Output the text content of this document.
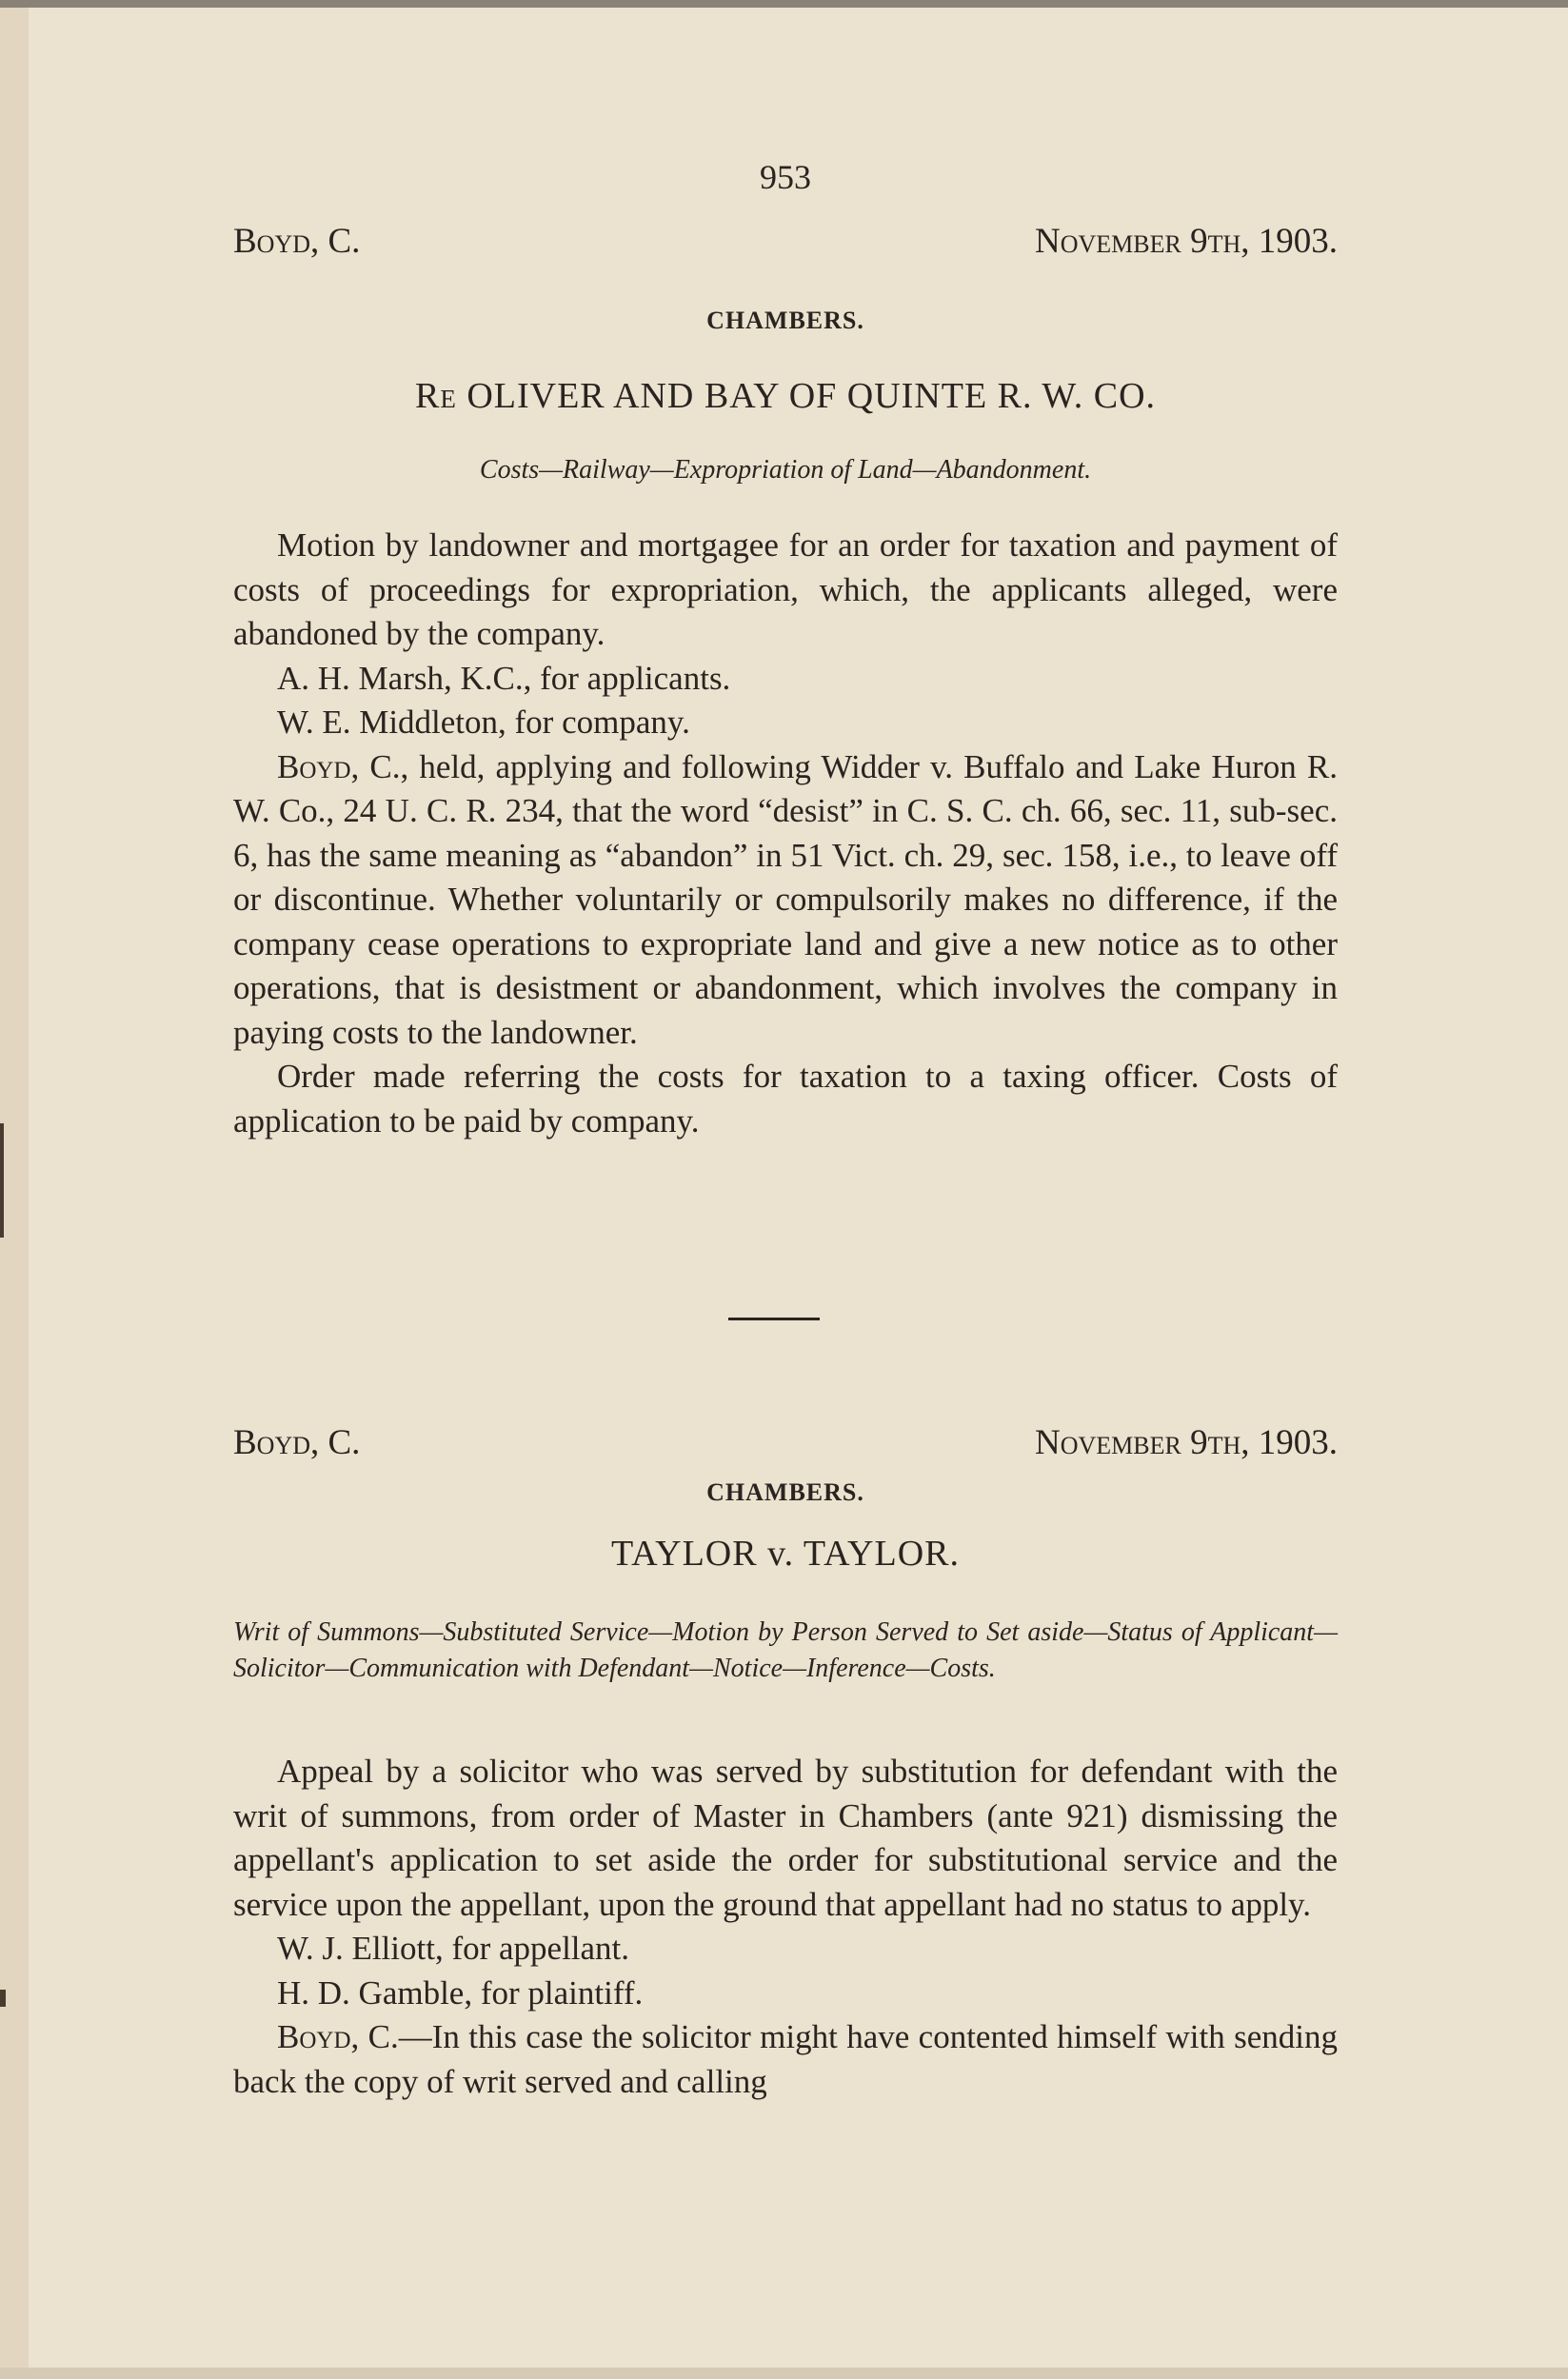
953
Boyd, C.	November 9th, 1903.
CHAMBERS.
Re OLIVER AND BAY OF QUINTE R. W. CO.
Costs—Railway—Expropriation of Land—Abandonment.

Motion by landowner and mortgagee for an order for taxation and payment of costs of proceedings for expropriation, which, the applicants alleged, were abandoned by the company.

A. H. Marsh, K.C., for applicants.

W. E. Middleton, for company.

Boyd, C., held, applying and following Widder v. Buffalo and Lake Huron R. W. Co., 24 U. C. R. 234, that the word “desist” in C. S. C. ch. 66, sec. 11, sub-sec. 6, has the same meaning as “abandon” in 51 Vict. ch. 29, sec. 158, i.e., to leave off or discontinue. Whether voluntarily or compulsorily makes no difference, if the company cease operations to expropriate land and give a new notice as to other operations, that is desistment or abandonment, which involves the company in paying costs to the landowner.

Order made referring the costs for taxation to a taxing officer. Costs of application to be paid by company.

Boyd, C.	November 9th, 1903.
CHAMBERS.
TAYLOR v. TAYLOR.
Writ of Summons—Substituted Service—Motion by Person Served to Set aside—Status of Applicant—Solicitor—Communication with Defendant—Notice—Inference—Costs.

Appeal by a solicitor who was served by substitution for defendant with the writ of summons, from order of Master in Chambers (ante 921) dismissing the appellant's application to set aside the order for substitutional service and the service upon the appellant, upon the ground that appellant had no status to apply.

W. J. Elliott, for appellant.

H. D. Gamble, for plaintiff.

Boyd, C.—In this case the solicitor might have contented himself with sending back the copy of writ served and calling
